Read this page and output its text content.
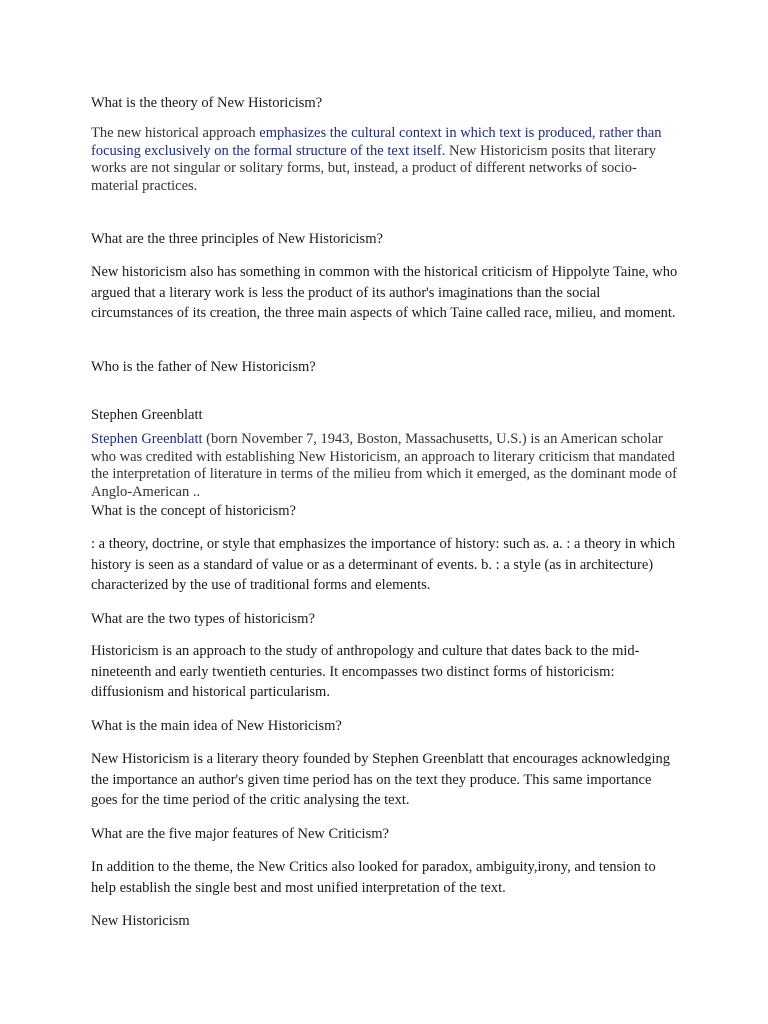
What is the theory of New Historicism?

The new historical approach emphasizes the cultural context in which text is produced, rather than focusing exclusively on the formal structure of the text itself. New Historicism posits that literary works are not singular or solitary forms, but, instead, a product of different networks of socio-material practices.

What are the three principles of New Historicism?

New historicism also has something in common with the historical criticism of Hippolyte Taine, who argued that a literary work is less the product of its author's imaginations than the social circumstances of its creation, the three main aspects of which Taine called race, milieu, and moment.

Who is the father of New Historicism?

Stephen Greenblatt

Stephen Greenblatt (born November 7, 1943, Boston, Massachusetts, U.S.) is an American scholar who was credited with establishing New Historicism, an approach to literary criticism that mandated the interpretation of literature in terms of the milieu from which it emerged, as the dominant mode of Anglo-American ..

What is the concept of historicism?

: a theory, doctrine, or style that emphasizes the importance of history: such as. a. : a theory in which history is seen as a standard of value or as a determinant of events. b. : a style (as in architecture) characterized by the use of traditional forms and elements.

What are the two types of historicism?

Historicism is an approach to the study of anthropology and culture that dates back to the mid-nineteenth and early twentieth centuries. It encompasses two distinct forms of historicism: diffusionism and historical particularism.

What is the main idea of New Historicism?

New Historicism is a literary theory founded by Stephen Greenblatt that encourages acknowledging the importance an author's given time period has on the text they produce. This same importance goes for the time period of the critic analysing the text.

What are the five major features of New Criticism?

In addition to the theme, the New Critics also looked for paradox, ambiguity,irony, and tension to help establish the single best and most unified interpretation of the text.

New Historicism
